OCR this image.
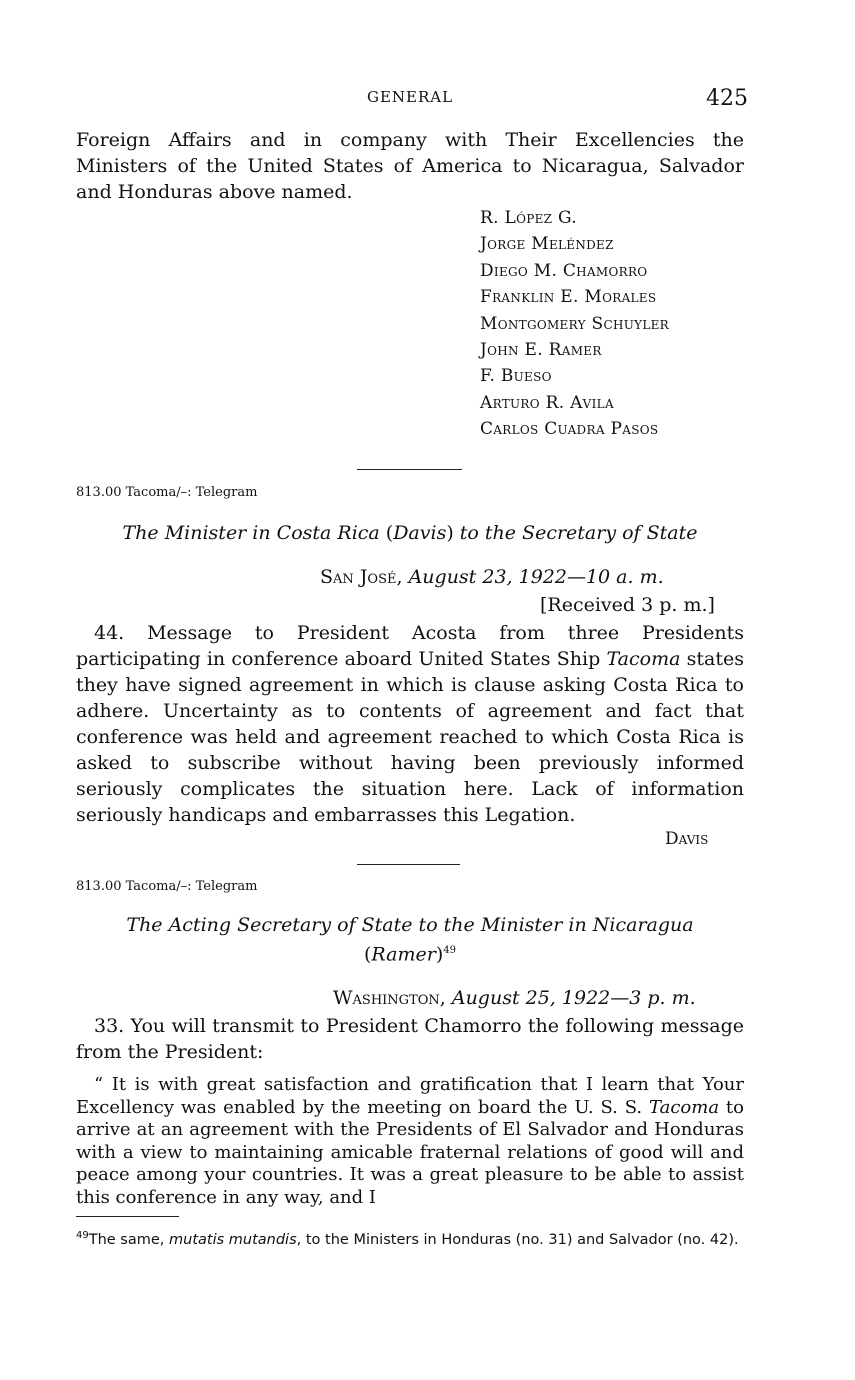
GENERAL	425
Foreign Affairs and in company with Their Excellencies the Ministers of the United States of America to Nicaragua, Salvador and Honduras above named.
R. López G.
Jorge Meléndez
Diego M. Chamorro
Franklin E. Morales
Montgomery Schuyler
John E. Ramer
F. Bueso
Arturo R. Avila
Carlos Cuadra Pasos
813.00 Tacoma/–: Telegram
The Minister in Costa Rica (Davis) to the Secretary of State
San José, August 23, 1922—10 a. m.
[Received 3 p. m.]
44. Message to President Acosta from three Presidents participating in conference aboard United States Ship Tacoma states they have signed agreement in which is clause asking Costa Rica to adhere. Uncertainty as to contents of agreement and fact that conference was held and agreement reached to which Costa Rica is asked to subscribe without having been previously informed seriously complicates the situation here. Lack of information seriously handicaps and embarrasses this Legation.
Davis
813.00 Tacoma/–: Telegram
The Acting Secretary of State to the Minister in Nicaragua
(Ramer)$^{49}$
Washington, August 25, 1922—3 p. m.
33. You will transmit to President Chamorro the following message from the President:
“ It is with great satisfaction and gratification that I learn that Your Excellency was enabled by the meeting on board the U. S. S. Tacoma to arrive at an agreement with the Presidents of El Salvador and Honduras with a view to maintaining amicable fraternal relations of good will and peace among your countries. It was a great pleasure to be able to assist this conference in any way, and I
$^{49}$The same, mutatis mutandis, to the Ministers in Honduras (no. 31) and Salvador (no. 42).
